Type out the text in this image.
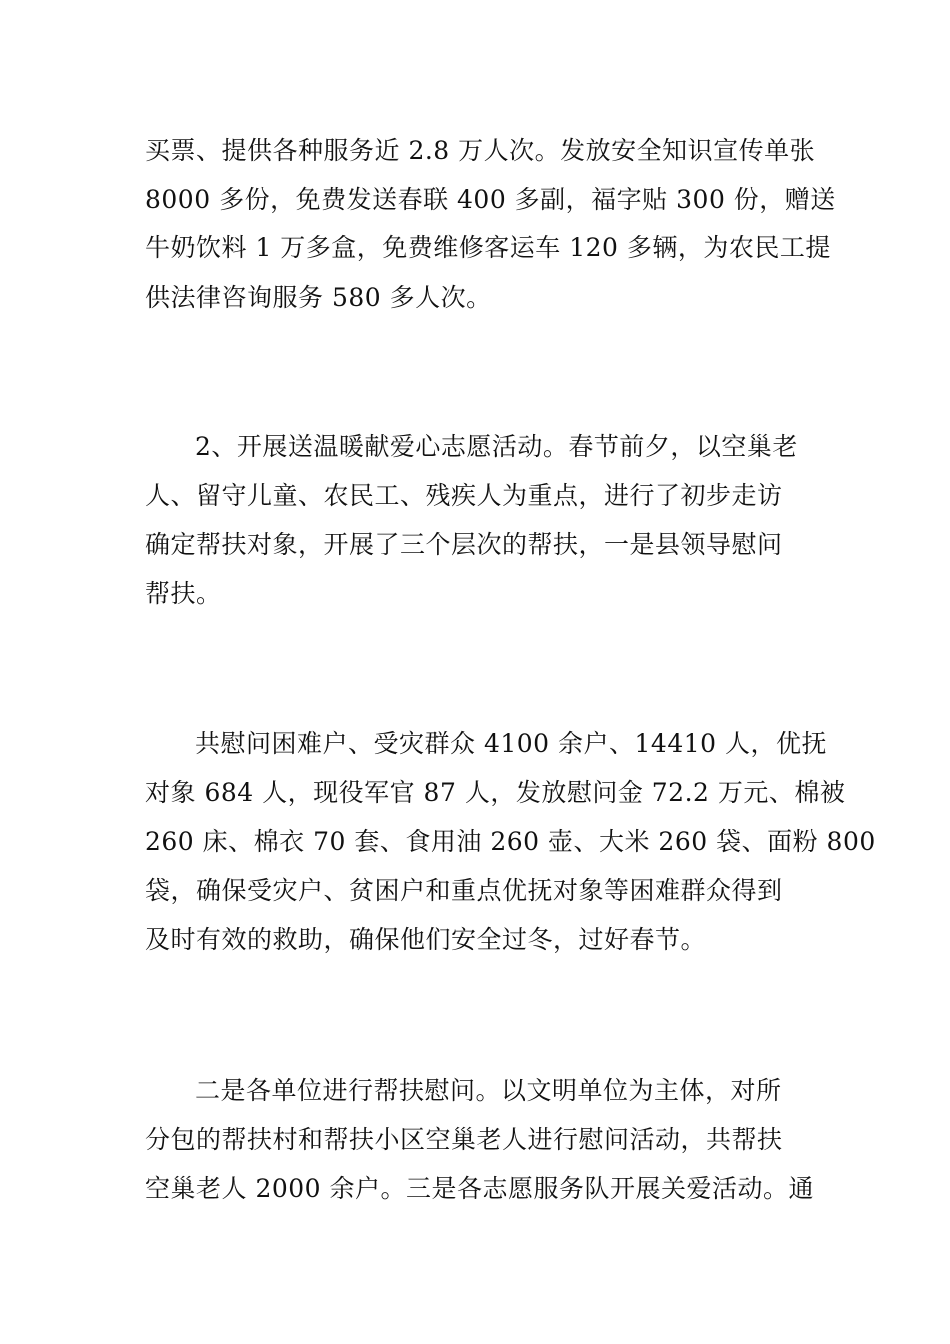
买票、提供各种服务近 2.8 万人次。发放安全知识宣传单张
8000 多份，免费发送春联 400 多副，福字贴 300 份，赠送
牛奶饮料 1 万多盒，免费维修客运车 120 多辆，为农民工提
供法律咨询服务 580 多人次。
2、开展送温暖献爱心志愿活动。春节前夕，以空巢老
人、留守儿童、农民工、残疾人为重点，进行了初步走访
确定帮扶对象，开展了三个层次的帮扶，一是县领导慰问
帮扶。
共慰问困难户、受灾群众 4100 余户、14410 人，优抚
对象 684 人，现役军官 87 人，发放慰问金 72.2 万元、棉被
260 床、棉衣 70 套、食用油 260 壶、大米 260 袋、面粉 800
袋，确保受灾户、贫困户和重点优抚对象等困难群众得到
及时有效的救助，确保他们安全过冬，过好春节。
二是各单位进行帮扶慰问。以文明单位为主体，对所
分包的帮扶村和帮扶小区空巢老人进行慰问活动，共帮扶
空巢老人 2000 余户。三是各志愿服务队开展关爱活动。通
